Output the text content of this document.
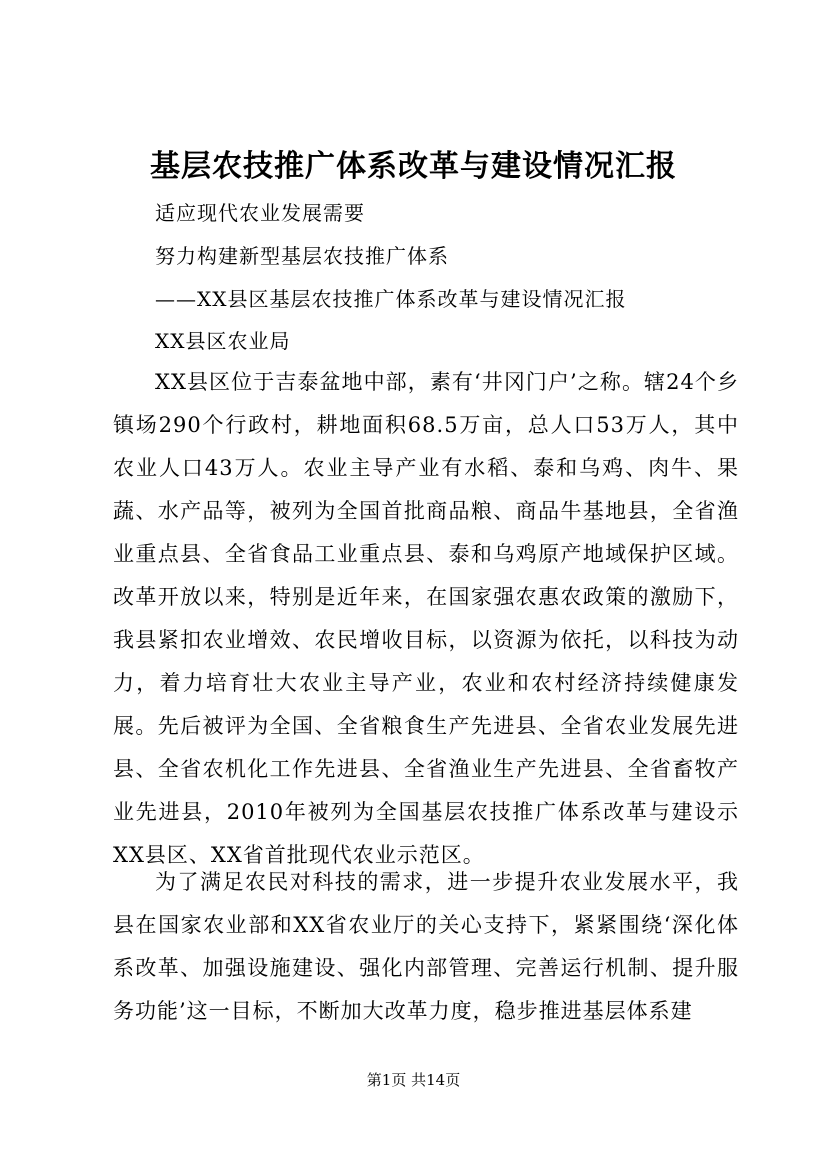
基层农技推广体系改革与建设情况汇报
适应现代农业发展需要
努力构建新型基层农技推广体系
——XX县区基层农技推广体系改革与建设情况汇报
XX县区农业局

XX县区位于吉泰盆地中部，素有‘井冈门户’之称。辖24个乡镇场290个行政村，耕地面积68.5万亩，总人口53万人，其中农业人口43万人。农业主导产业有水稻、泰和乌鸡、肉牛、果蔬、水产品等，被列为全国首批商品粮、商品牛基地县，全省渔业重点县、全省食品工业重点县、泰和乌鸡原产地域保护区域。改革开放以来，特别是近年来，在国家强农惠农政策的激励下，我县紧扣农业增效、农民增收目标，以资源为依托，以科技为动力，着力培育壮大农业主导产业，农业和农村经济持续健康发展。先后被评为全国、全省粮食生产先进县、全省农业发展先进县、全省农机化工作先进县、全省渔业生产先进县、全省畜牧产业先进县，2010年被列为全国基层农技推广体系改革与建设示XX县区、XX省首批现代农业示范区。

为了满足农民对科技的需求，进一步提升农业发展水平，我县在国家农业部和XX省农业厅的关心支持下，紧紧围绕‘深化体系改革、加强设施建设、强化内部管理、完善运行机制、提升服务功能’这一目标，不断加大改革力度，稳步推进基层体系建

第1页 共14页
